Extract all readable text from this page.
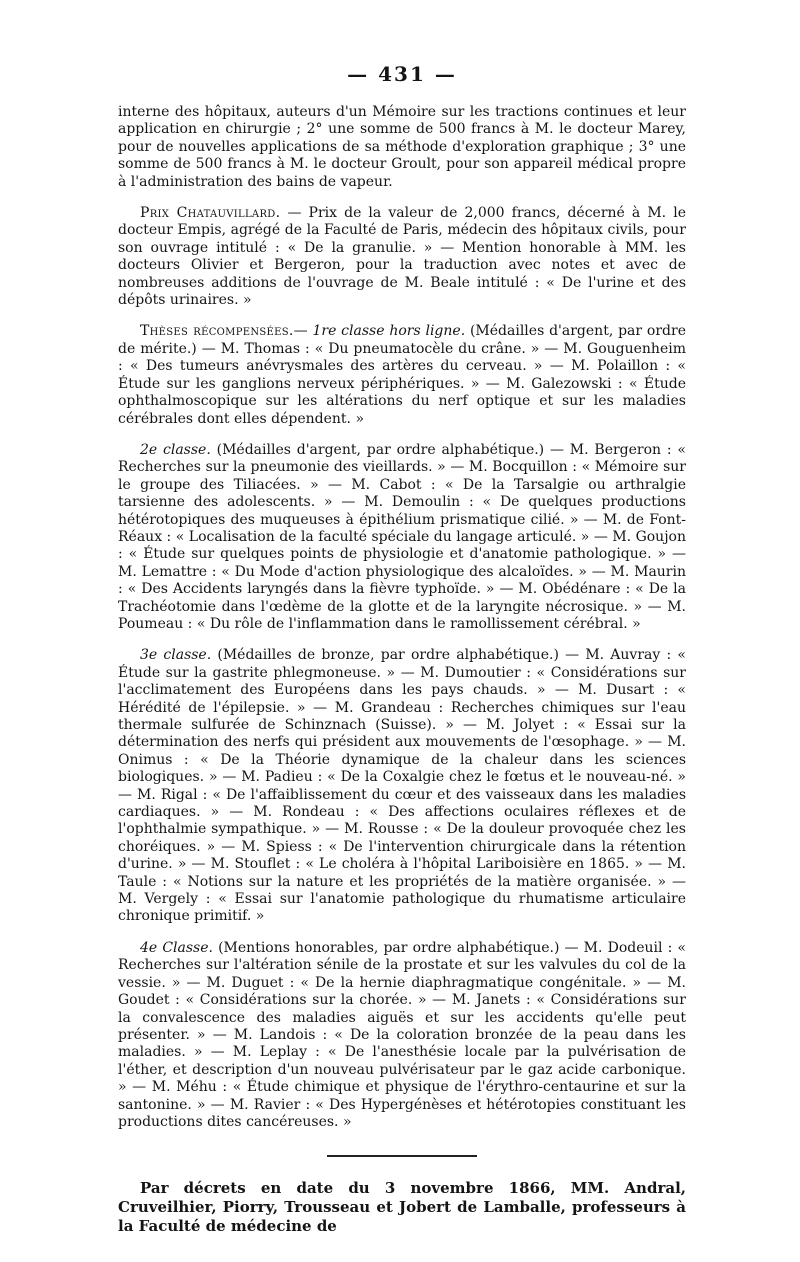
— 431 —

interne des hôpitaux, auteurs d'un Mémoire sur les tractions continues et leur application en chirurgie ; 2° une somme de 500 francs à M. le docteur Marey, pour de nouvelles applications de sa méthode d'exploration graphique ; 3° une somme de 500 francs à M. le docteur Groult, pour son appareil médical propre à l'administration des bains de vapeur.

Prix Chatauvillard. — Prix de la valeur de 2,000 francs, décerné à M. le docteur Empis, agrégé de la Faculté de Paris, médecin des hôpitaux civils, pour son ouvrage intitulé : « De la granulie. » — Mention honorable à MM. les docteurs Olivier et Bergeron, pour la traduction avec notes et avec de nombreuses additions de l'ouvrage de M. Beale intitulé : « De l'urine et des dépôts urinaires. »

Thèses récompensées.— 1re classe hors ligne. (Médailles d'argent, par ordre de mérite.) — M. Thomas : « Du pneumatocèle du crâne. » — M. Gouguenheim : « Des tumeurs anévrysmales des artères du cerveau. » — M. Polaillon : « Étude sur les ganglions nerveux périphériques. » — M. Galezowski : « Étude ophthalmoscopique sur les altérations du nerf optique et sur les maladies cérébrales dont elles dépendent. »

2e classe. (Médailles d'argent, par ordre alphabétique.) — M. Bergeron : « Recherches sur la pneumonie des vieillards. » — M. Bocquillon : « Mémoire sur le groupe des Tiliacées. » — M. Cabot : « De la Tarsalgie ou arthralgie tarsienne des adolescents. » — M. Demoulin : « De quelques productions hétérotopiques des muqueuses à épithélium prismatique cilié. » — M. de Font-Réaux : « Localisation de la faculté spéciale du langage articulé. » — M. Goujon : « Étude sur quelques points de physiologie et d'anatomie pathologique. » — M. Lemattre : « Du Mode d'action physiologique des alcaloïdes. » — M. Maurin : « Des Accidents laryngés dans la fièvre typhoïde. » — M. Obédénare : « De la Trachéotomie dans l'œdème de la glotte et de la laryngite nécrosique. » — M. Poumeau : « Du rôle de l'inflammation dans le ramollissement cérébral. »

3e classe. (Médailles de bronze, par ordre alphabétique.) — M. Auvray : « Étude sur la gastrite phlegmoneuse. » — M. Dumoutier : « Considérations sur l'acclimatement des Européens dans les pays chauds. » — M. Dusart : « Hérédité de l'épilepsie. » — M. Grandeau : Recherches chimiques sur l'eau thermale sulfurée de Schinznach (Suisse). » — M. Jolyet : « Essai sur la détermination des nerfs qui président aux mouvements de l'œsophage. » — M. Onimus : « De la Théorie dynamique de la chaleur dans les sciences biologiques. » — M. Padieu : « De la Coxalgie chez le fœtus et le nouveau-né. » — M. Rigal : « De l'affaiblissement du cœur et des vaisseaux dans les maladies cardiaques. » — M. Rondeau : « Des affections oculaires réflexes et de l'ophthalmie sympathique. » — M. Rousse : « De la douleur provoquée chez les choréiques. » — M. Spiess : « De l'intervention chirurgicale dans la rétention d'urine. » — M. Stouflet : « Le choléra à l'hôpital Lariboisière en 1865. » — M. Taule : « Notions sur la nature et les propriétés de la matière organisée. » — M. Vergely : « Essai sur l'anatomie pathologique du rhumatisme articulaire chronique primitif. »

4e Classe. (Mentions honorables, par ordre alphabétique.) — M. Dodeuil : « Recherches sur l'altération sénile de la prostate et sur les valvules du col de la vessie. » — M. Duguet : « De la hernie diaphragmatique congénitale. » — M. Goudet : « Considérations sur la chorée. » — M. Janets : « Considérations sur la convalescence des maladies aiguës et sur les accidents qu'elle peut présenter. » — M. Landois : « De la coloration bronzée de la peau dans les maladies. » — M. Leplay : « De l'anesthésie locale par la pulvérisation de l'éther, et description d'un nouveau pulvérisateur par le gaz acide carbonique. » — M. Méhu : « Étude chimique et physique de l'érythro-centaurine et sur la santonine. » — M. Ravier : « Des Hypergénèses et hétérotopies constituant les productions dites cancéreuses. »

Par décrets en date du 3 novembre 1866, MM. Andral, Cruveilhier, Piorry, Trousseau et Jobert de Lamballe, professeurs à la Faculté de médecine de
